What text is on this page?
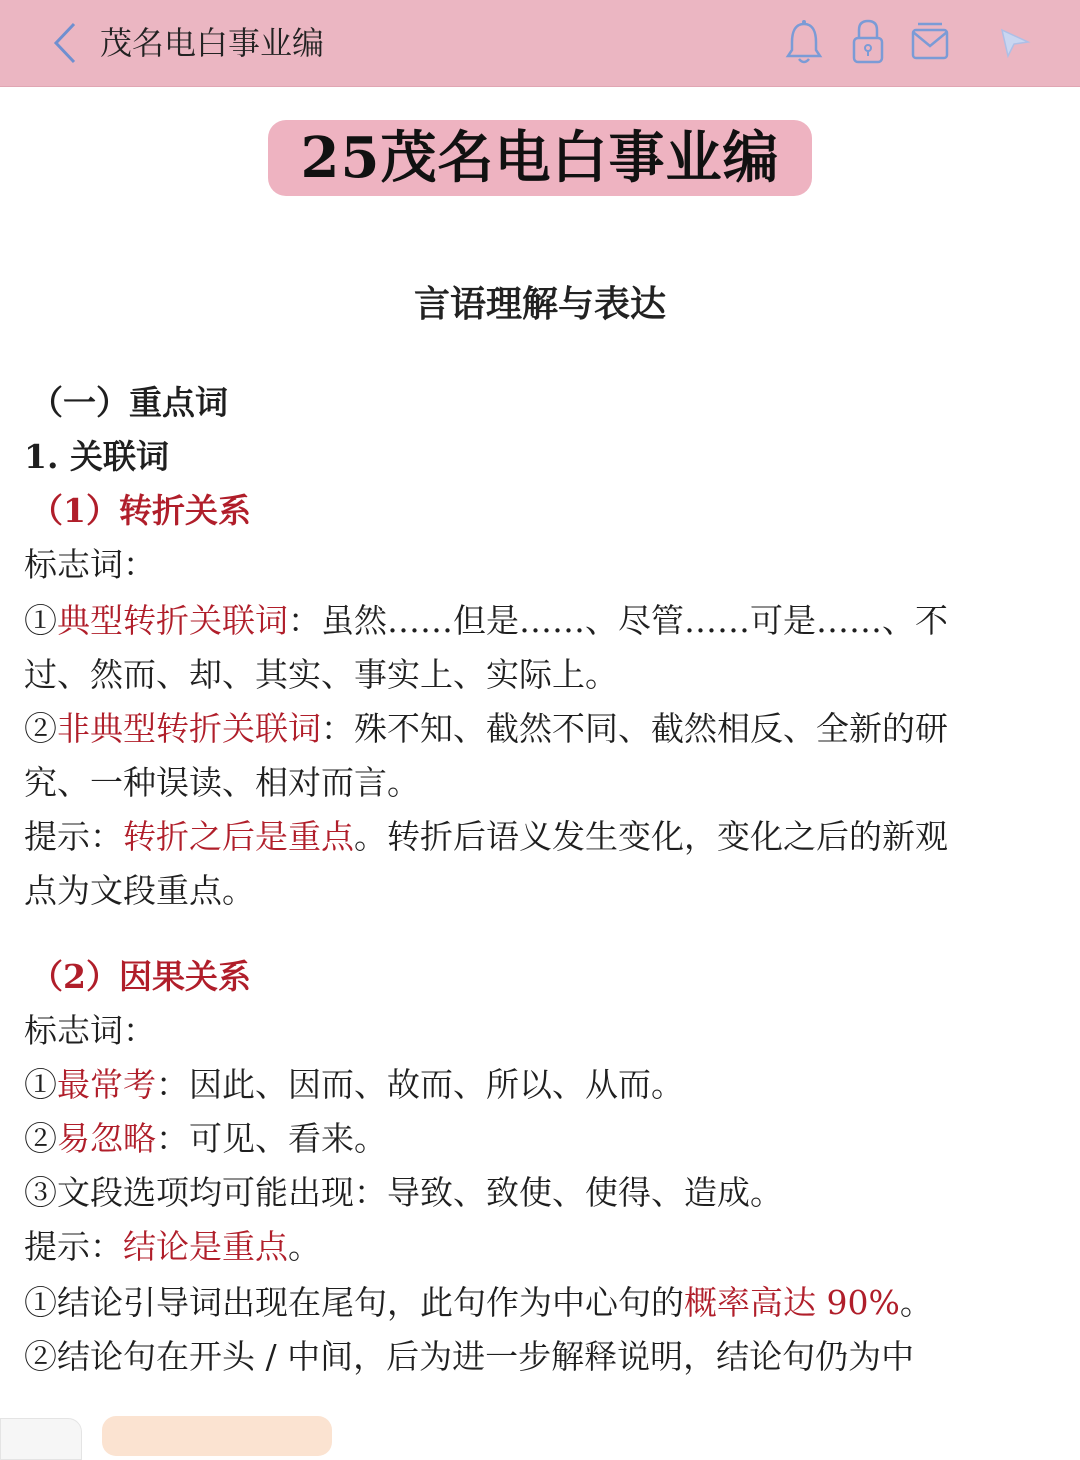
茂名电白事业编
25茂名电白事业编
言语理解与表达
（一）重点词
1. 关联词
（1）转折关系
标志词：
①典型转折关联词：虽然……但是……、尽管……可是……、不
过、然而、却、其实、事实上、实际上。
②非典型转折关联词：殊不知、截然不同、截然相反、全新的研
究、一种误读、相对而言。
提示：转折之后是重点。转折后语义发生变化，变化之后的新观
点为文段重点。
（2）因果关系
标志词：
①最常考：因此、因而、故而、所以、从而。
②易忽略：可见、看来。
③文段选项均可能出现：导致、致使、使得、造成。
提示：结论是重点。
①结论引导词出现在尾句，此句作为中心句的概率高达 90%。
②结论句在开头 / 中间，后为进一步解释说明，结论句仍为中
